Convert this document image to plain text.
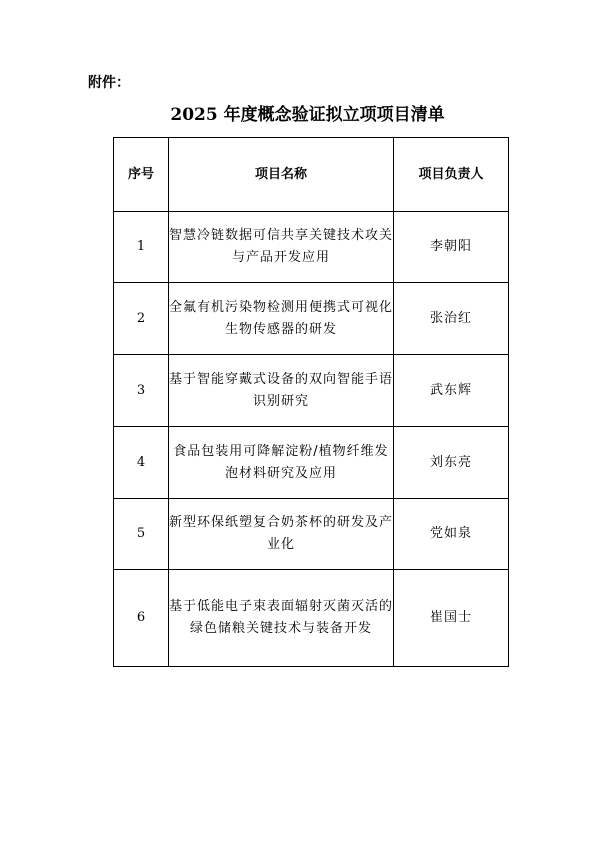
附件：
2025 年度概念验证拟立项项目清单
序号	项目名称	项目负责人
1	智慧冷链数据可信共享关键技术攻关与产品开发应用	李朝阳
2	全氟有机污染物检测用便携式可视化生物传感器的研发	张治红
3	基于智能穿戴式设备的双向智能手语识别研究	武东辉
4	食品包装用可降解淀粉/植物纤维发泡材料研究及应用	刘东亮
5	新型环保纸塑复合奶茶杯的研发及产业化	党如泉
6	基于低能电子束表面辐射灭菌灭活的绿色储粮关键技术与装备开发	崔国士
